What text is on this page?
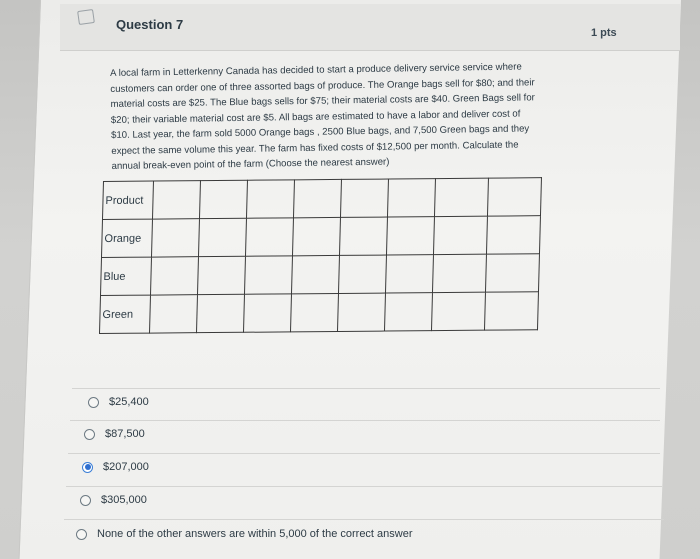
Question 7
1 pts
A local farm in Letterkenny Canada has decided to start a produce delivery service service where
customers can order one of three assorted bags of produce. The Orange bags sell for $80; and their
material costs are $25. The Blue bags sells for $75; their material costs are $40. Green Bags sell for
$20; their variable material cost are $5. All bags are estimated to have a labor and deliver cost of
$10. Last year, the farm sold 5000 Orange bags , 2500 Blue bags, and 7,500 Green bags and they
expect the same volume this year. The farm has fixed costs of $12,500 per month. Calculate the
annual break-even point of the farm (Choose the nearest answer)
Product								
Orange								
Blue								
Green								
$25,400
$87,500
$207,000
$305,000
None of the other answers are within 5,000 of the correct answer
